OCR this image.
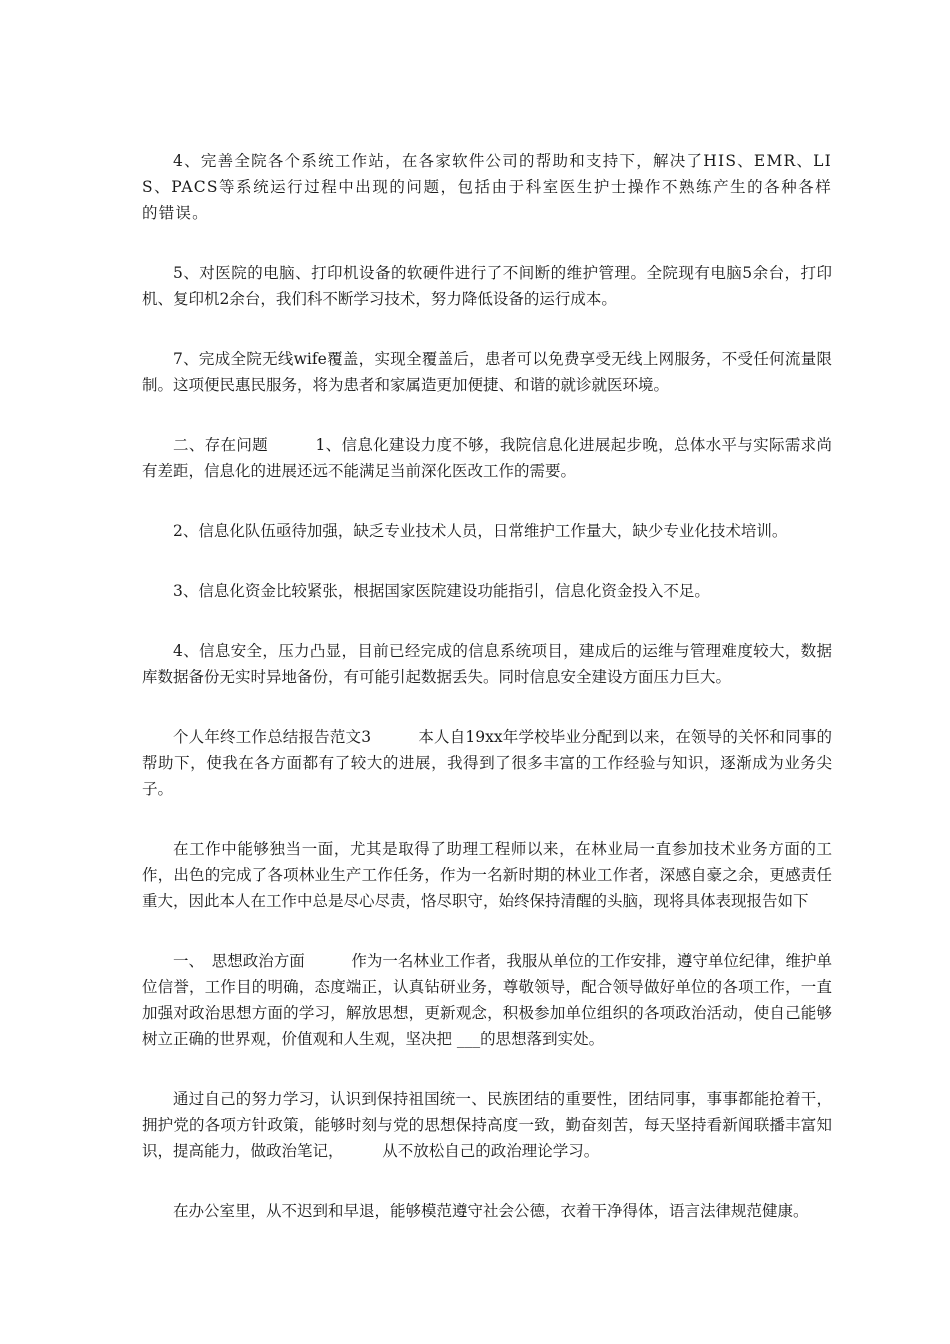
4、完善全院各个系统工作站，在各家软件公司的帮助和支持下，解决了HIS、EMR、LIS、PACS等系统运行过程中出现的问题，包括由于科室医生护士操作不熟练产生的各种各样的错误。

5、对医院的电脑、打印机设备的软硬件进行了不间断的维护管理。全院现有电脑5余台，打印机、复印机2余台，我们科不断学习技术，努力降低设备的运行成本。

7、完成全院无线wife覆盖，实现全覆盖后，患者可以免费享受无线上网服务，不受任何流量限制。这项便民惠民服务，将为患者和家属造更加便捷、和谐的就诊就医环境。

二、存在问题　　　1、信息化建设力度不够，我院信息化进展起步晚，总体水平与实际需求尚有差距，信息化的进展还远不能满足当前深化医改工作的需要。

2、信息化队伍亟待加强，缺乏专业技术人员，日常维护工作量大，缺少专业化技术培训。

3、信息化资金比较紧张，根据国家医院建设功能指引，信息化资金投入不足。

4、信息安全，压力凸显，目前已经完成的信息系统项目，建成后的运维与管理难度较大，数据库数据备份无实时异地备份，有可能引起数据丢失。同时信息安全建设方面压力巨大。

个人年终工作总结报告范文3　　　本人自19xx年学校毕业分配到以来，在领导的关怀和同事的帮助下，使我在各方面都有了较大的进展，我得到了很多丰富的工作经验与知识，逐渐成为业务尖子。

在工作中能够独当一面，尤其是取得了助理工程师以来，在林业局一直参加技术业务方面的工作，出色的完成了各项林业生产工作任务，作为一名新时期的林业工作者，深感自豪之余，更感责任重大，因此本人在工作中总是尽心尽责，恪尽职守，始终保持清醒的头脑，现将具体表现报告如下

一、　思想政治方面　　　作为一名林业工作者，我服从单位的工作安排，遵守单位纪律，维护单位信誉，工作目的明确，态度端正，认真钻研业务，尊敬领导，配合领导做好单位的各项工作，一直加强对政治思想方面的学习，解放思想，更新观念，积极参加单位组织的各项政治活动，使自己能够树立正确的世界观，价值观和人生观，坚决把 ___的思想落到实处。

通过自己的努力学习，认识到保持祖国统一、民族团结的重要性，团结同事，事事都能抢着干，拥护党的各项方针政策，能够时刻与党的思想保持高度一致，勤奋刻苦，每天坚持看新闻联播丰富知识，提高能力，做政治笔记，　　　从不放松自己的政治理论学习。

在办公室里，从不迟到和早退，能够模范遵守社会公德，衣着干净得体，语言法律规范健康。
